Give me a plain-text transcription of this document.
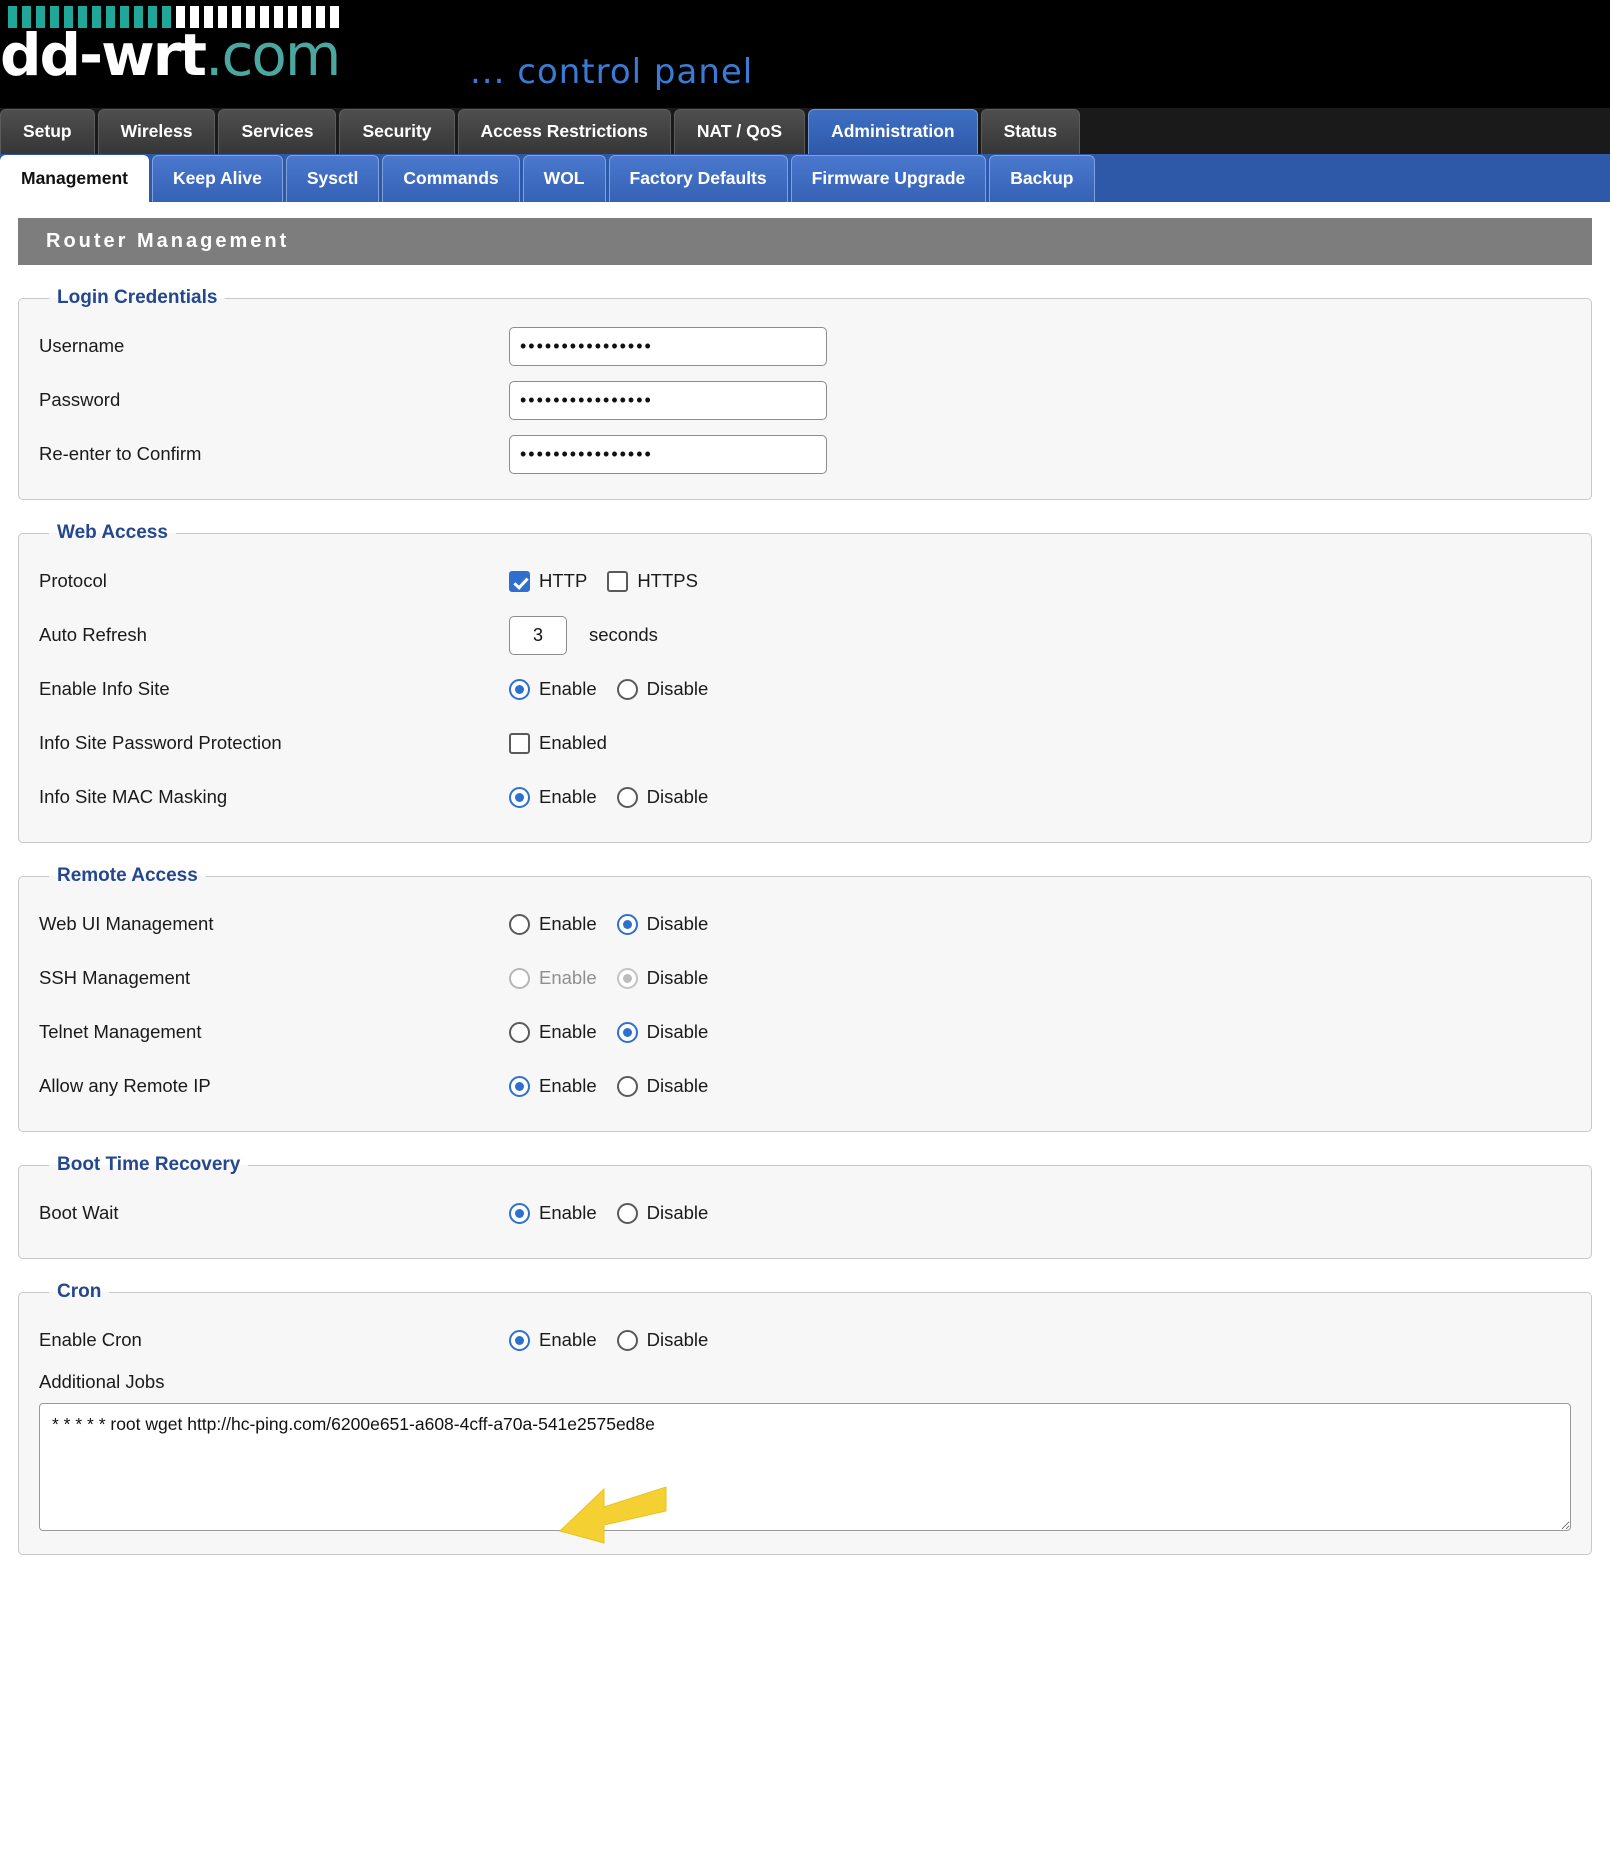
dd-wrt.com	... control panel
Setup	Wireless	Services	Security	Access Restrictions	NAT / QoS	Administration	Status
Management	Keep Alive	Sysctl	Commands	WOL	Factory Defaults	Firmware Upgrade	Backup
Router Management
Login Credentials
Username
••••••••••••••••
Password
••••••••••••••••
Re-enter to Confirm
••••••••••••••••
Web Access
Protocol	HTTP	HTTPS
Auto Refresh
3	seconds
Enable Info Site	Enable	Disable
Info Site Password Protection	Enabled
Info Site MAC Masking	Enable	Disable
Remote Access
Web UI Management	Enable	Disable
SSH Management	Enable	Disable
Telnet Management	Enable	Disable
Allow any Remote IP	Enable	Disable
Boot Time Recovery
Boot Wait	Enable	Disable
Cron
Enable Cron	Enable	Disable
Additional Jobs
* * * * * root wget http://hc-ping.com/6200e651-a608-4cff-a70a-541e2575ed8e
